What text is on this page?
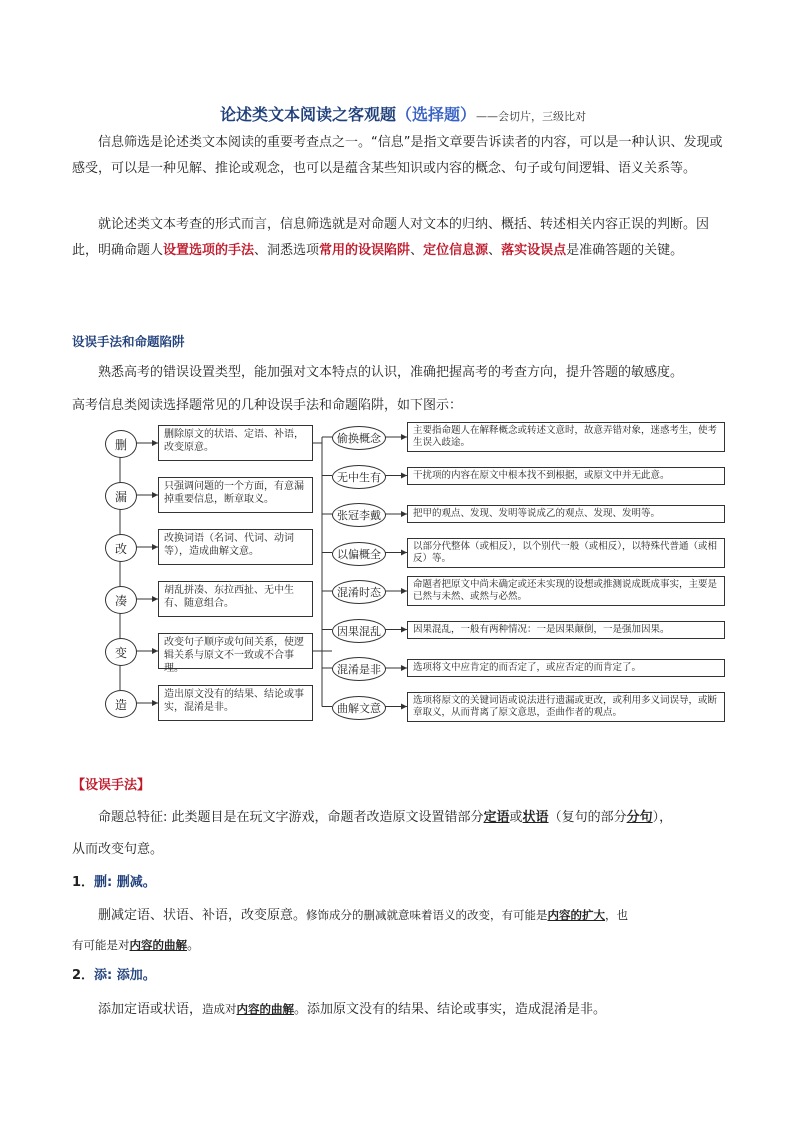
论述类文本阅读之客观题（选择题）——会切片，三级比对
信息筛选是论述类文本阅读的重要考查点之一。“信息”是指文章要告诉读者的内容，可以是一种认识、发现或感受，可以是一种见解、推论或观念，也可以是蕴含某些知识或内容的概念、句子或句间逻辑、语义关系等。
就论述类文本考查的形式而言，信息筛选就是对命题人对文本的归纳、概括、转述相关内容正误的判断。因此，明确命题人设置选项的手法、洞悉选项常用的设误陷阱、定位信息源、落实设误点是准确答题的关键。
设误手法和命题陷阱
熟悉高考的错误设置类型，能加强对文本特点的认识，准确把握高考的考查方向，提升答题的敏感度。
高考信息类阅读选择题常见的几种设误手法和命题陷阱，如下图示：
删
删除原文的状语、定语、补语，改变原意。
漏
只强调问题的一个方面，有意漏掉重要信息，断章取义。
改
改换词语（名词、代词、动词等），造成曲解文意。
凑
胡乱拼凑、东拉西扯、无中生有、随意组合。
变
改变句子顺序或句间关系，使逻辑关系与原文不一致或不合事理。
造
造出原文没有的结果、结论或事实，混淆是非。
偷换概念
主要指命题人在解释概念或转述文意时，故意弄错对象，迷惑考生，使考生误入歧途。
无中生有	干扰项的内容在原文中根本找不到根据，或原文中并无此意。
张冠李戴	把甲的观点、发现、发明等说成乙的观点、发现、发明等。
以偏概全
以部分代整体（或相反），以个别代一般（或相反），以特殊代普通（或相反）等。
混淆时态
命题者把原文中尚未确定或还未实现的设想或推测说成既成事实，主要是已然与未然、或然与必然。
因果混乱	因果混乱，一般有两种情况：一是因果颠倒，一是强加因果。
混淆是非	选项将文中应肯定的而否定了，或应否定的而肯定了。
曲解文意
选项将原文的关键词语或说法进行遗漏或更改，或利用多义词误导，或断章取义，从而背离了原文意思，歪曲作者的观点。
【设误手法】
命题总特征: 此类题目是在玩文字游戏，命题者改造原文设置错部分定语或状语（复句的部分分句），
从而改变句意。
1．删: 删减。
删减定语、状语、补语，改变原意。修饰成分的删减就意味着语义的改变，有可能是内容的扩大，也
有可能是对内容的曲解。
2．添: 添加。
添加定语或状语，造成对内容的曲解。添加原文没有的结果、结论或事实，造成混淆是非。
